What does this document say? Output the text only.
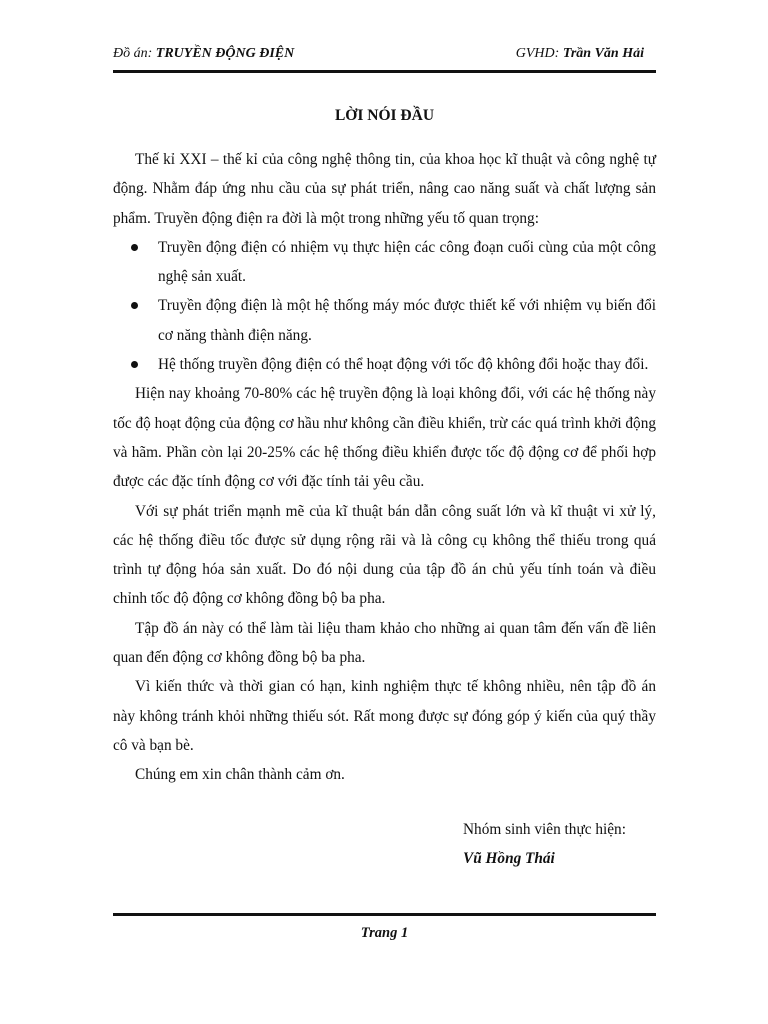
Đồ án: TRUYỀN ĐỘNG ĐIỆN	GVHD: Trần Văn Hải
LỜI NÓI ĐẦU

Thế kỉ XXI – thế kỉ của công nghệ thông tin, của khoa học kĩ thuật và công nghệ tự động. Nhằm đáp ứng nhu cầu của sự phát triển, nâng cao năng suất và chất lượng sản phẩm. Truyền động điện ra đời là một trong những yếu tố quan trọng:

Truyền động điện có nhiệm vụ thực hiện các công đoạn cuối cùng của một công nghệ sản xuất.
Truyền động điện là một hệ thống máy móc được thiết kế với nhiệm vụ biến đổi cơ năng thành điện năng.
Hệ thống truyền động điện có thể hoạt động với tốc độ không đổi hoặc thay đổi.

Hiện nay khoảng 70-80% các hệ truyền động là loại không đổi, với các hệ thống này tốc độ hoạt động của động cơ hầu như không cần điều khiển, trừ các quá trình khởi động và hãm. Phần còn lại 20-25% các hệ thống điều khiển được tốc độ động cơ để phối hợp được các đặc tính động cơ với đặc tính tải yêu cầu.

Với sự phát triển mạnh mẽ của kĩ thuật bán dẫn công suất lớn và kĩ thuật vi xử lý, các hệ thống điều tốc được sử dụng rộng rãi và là công cụ không thể thiếu trong quá trình tự động hóa sản xuất. Do đó nội dung của tập đồ án chủ yếu tính toán và điều chỉnh tốc độ động cơ không đồng bộ ba pha.

Tập đồ án này có thể làm tài liệu tham khảo cho những ai quan tâm đến vấn đề liên quan đến động cơ không đồng bộ ba pha.

Vì kiến thức và thời gian có hạn, kinh nghiệm thực tế không nhiều, nên tập đồ án này không tránh khỏi những thiếu sót. Rất mong được sự đóng góp ý kiến của quý thầy cô và bạn bè.

Chúng em xin chân thành cảm ơn.

Nhóm sinh viên thực hiện:
Vũ Hồng Thái
Trang 1
